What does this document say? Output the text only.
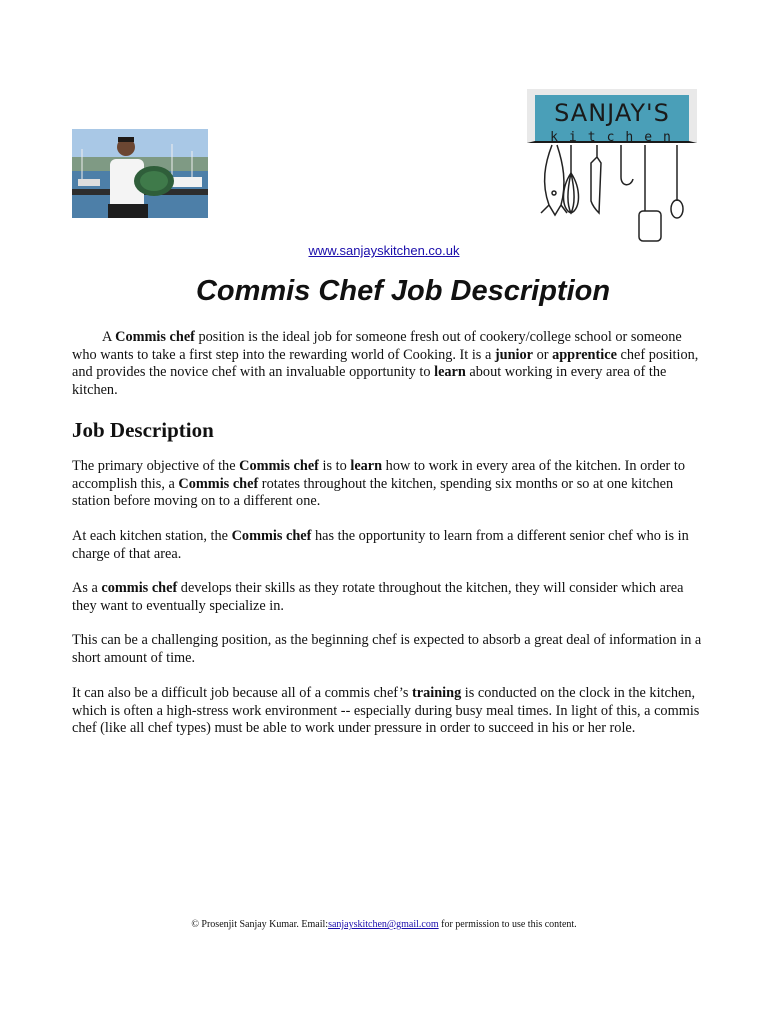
SANJAY'S
kitchen
www.sanjayskitchen.co.uk
Commis Chef Job Description
A Commis chef position is the ideal job for someone fresh out of cookery/college school or someone who wants to take a first step into the rewarding world of Cooking. It is a junior or apprentice chef position, and provides the novice chef with an invaluable opportunity to learn about working in every area of the kitchen.
Job Description
The primary objective of the Commis chef is to learn how to work in every area of the kitchen. In order to accomplish this, a Commis chef rotates throughout the kitchen, spending six months or so at one kitchen station before moving on to a different one.
At each kitchen station, the Commis chef has the opportunity to learn from a different senior chef who is in charge of that area.
As a commis chef develops their skills as they rotate throughout the kitchen, they will consider which area they want to eventually specialize in.
This can be a challenging position, as the beginning chef is expected to absorb a great deal of information in a short amount of time.
It can also be a difficult job because all of a commis chef’s training is conducted on the clock in the kitchen, which is often a high-stress work environment -- especially during busy meal times. In light of this, a commis chef (like all chef types) must be able to work under pressure in order to succeed in his or her role.
© Prosenjit Sanjay Kumar. Email:sanjayskitchen@gmail.com for permission to use this content.
